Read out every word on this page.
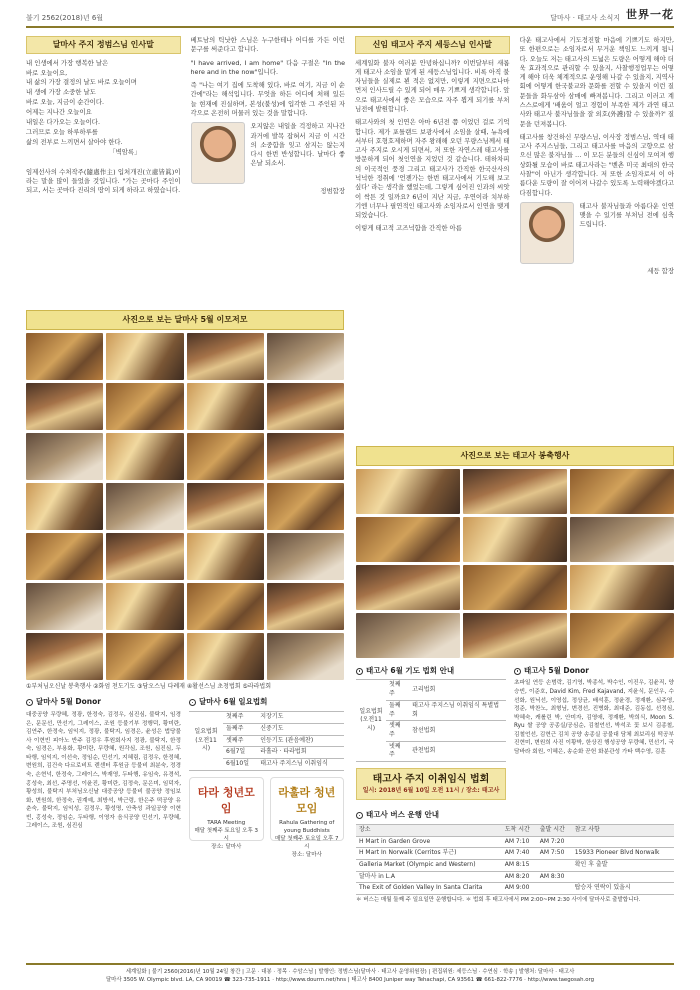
불기 2562(2018)년 6월	달마사 · 태고사 소식지 世界一花
달마사 주지 정범스님 인사말
내 인생에서 가장 행복한 날은
바로 오늘이요,
내 삶의 가장 결정의 날도 바로 오늘이며
내 생에 가장 소중한 날도
바로 오늘, 지금이 순간이다.
어제는 지나간 오늘이요
내일은 다가오는 오늘이다.
그러므로 오늘 하루하루를
삶의 전부로 느끼면서 살아야 한다.
「벽암록」
임제선사의 수처작주(隨處作主) 입처개진(立處皆眞)이라는 말을 많이 들었을 것입니다. "가는 곳마다 주인이 되고, 서는 곳마다 진리의 땅이 되게 하라고 하였습니다.
베트남의 틱낫한 스님은 누구한테나 어디를 가든 이런 문구를 써준다고 합니다.
"I have arrived, I am home" 다음 구절은 "In the here and in the now"입니다.
즉 "나는 여기 집에 도착해 있다, 바로 여기, 지금 이 순간에"라는 해석입니다. 무엇을 하든 어디에 처해 있든 늘 현재에 진실하며, 본성(불성)에 입각한 그 주인된 자각으로 온전히 머물러 있는 것을 말합니다.
오지않은 내일을 걱정하고 지나간 과거에 발목 잡혀서 지금 이 시간의 소중함을 잊고 삼지는 않는지 다시 한번 반성합니다. 날마다 좋은날 되소서.
정범합장
신임 태고사 주지 세등스님 인사말
세계일화 불자 여러분 안녕하십니까? 이번달부터 새롭게 태고사 소임을 맡게 된 세등스님입니다. 비록 아직 불자님들을 실제로 뵌 적은 없지만, 이렇게 지면으로나마 먼저 인사드릴 수 있게 되어 매우 기쁘게 생각합니다. 앞으로 태고사에서 좋은 모습으로 자주 뵙게 되기를 부처님전에 발원합니다.
태고사와의 첫 인연은 아마 6년전 쯤 이었던 걸로 기억합니다. 제가 포틀랜드 보광사에서 소임을 살때, 뉴욕에서부터 호형호제하며 자주 왕래해 오던 무량스님께서 태고사 주지로 오시게 되면서, 저 또한 자연스레 태고사를 방문하게 되어 첫인연을 지었던 것 같습니다. 테하차피의 이국적인 풍경 그리고 태고사가 간직한 한국산사의 넉넉한 정취에 '언젠가는 한번 태고사에서 기도해 보고싶다' 라는 생각을 했었는데, 그렇게 심어진 인과의 씨앗이 싹튼 것 일까요? 6년이 지난 지금, 우연이라 치부하기엔 너무나 필연적인 태고사와 소임자로서 인연을 맺게 되었습니다.
이렇게 태고적 고즈넉함을 간직한 아름
다운 태고사에서 기도정진할 마음에 기쁘기도 하지만, 또 한편으로는 소임자로서 무거운 책임도 느끼게 됩니다. 오늘도 저는 태고사의 드넓은 도량은 어떻게 해야 더욱 효과적으로 관리할 수 있을지, 사찰행정업무는 어떻게 해야 더욱 체계적으로 운영해 나갈 수 있을지, 지역사회에 어떻게 한국불교와 문화를 전할 수 있을지 이런 질문들을 화두삼아 삼매에 빠져봅니다. 그리고 이러고 계스스로에게 '배움이 얼고 경험이 부족한 제가 과연 태고사와 태고사 불자님들을 잘 외호(外護)할 수 있을까?' 질문을 던져봅니다.
태고사를 창건하신 무량스님, 이사장 정범스님, 역대 태고사 주지스님들, 그리고 태고사를 마음의 고향으로 삼으신 많은 불자님들 … 이 모든 분들의 신심이 모여져 행상화될 모습이 바로 태고사라는 "벤촌 미국 최대의 한국사찰"이 아닌가 생각합니다. 저 또한 소임자로서 이 아름다운 도량이 잘 이어져 나갈수 있도록 노력해야겠다고 다짐합니다.
태고사 불자님들과 아름다운 인연 맺을 수 있기를 부처님 전에 심축 드립니다.
세등 합장
사진으로 보는 달마사 5월 이모저모
①부처님오신날 봉축행사 ②화엄 천도기도 ③담오스님 다례재 ④활선스님 초청법회 ⑤라라법회
달마사 5월 Donor
대중공양 무량혜, 정광, 한정숙, 김정우, 심진심, 불탁지, 임경은, 문문선, 만선기, 그레이스, 조원 등불기부 정행덕, 황미란, 김연주, 한정숙, 임익지, 정광, 불탁지, 임경은, 윤성은 법당불사 이현빈 피아노 반주 김정우 후원회사지 정광, 불탁지, 한정숙, 임경은, 부용화, 황미란, 무량혜, 원각심, 조원, 심진심, 두타행, 임익지, 이선숙, 정임순, 민선기, 지혜림, 김정우, 한정혜, 변원희, 김건숙 다르로비트 렌센터 후원금 등불비 최분숙, 정경숙, 손현넉, 한정숙, 그레이스, 박재영, 두타행, 유임숙, 유경석, 홍성숙, 최선, 주명선, 이윤진, 황미란, 김정숙, 문은미, 임덕자, 황성희, 불탁지 부처님오신날 대중공양 등불비 불공양 정임보화, 변원희, 한정숙, 권계예, 최방석, 박근령, 한은주 떡공양 유춘숙, 불탁지, 임익성, 김정우, 황성명, 안축성 과일공양 이현빈, 홍성숙, 정임순, 두타행, 이영자 음식공양 민선기, 무량혜, 그레이스, 조원, 심진심
달마사 6월 일요법회
일요법회 (오전11시)	첫째주	지장기도
	둘째주	신중기도
	셋째주	인등기도 (관음예찬)
	6월7일	라홀라 · 타라법회
	6월10일	태고사 주지스님 이취임식
타라 청년모임
TARA Meeting
매달 첫째주 토요일 오후 3시
장소: 달마사
라훌라 청년모임
Rahula Gathering of young Buddhists
매달 첫째주 토요일 오후 7시
장소: 달마사
사진으로 보는 태고사 봉축행사
태고사 6월 기도 법회 안내
일요법회 (오전11시)	첫째주	고리법회
	둘째주	태고사 주지스님 이취임식 특별법회
	셋째주	참선법회
	넷째주	관천법회
태고사 주지 이취임식 법회
일시: 2018년 6월 10일 오전 11시 / 장소: 태고사
태고사 5월 Donor
초파일 연등 손범락, 김기영, 박종석, 박수인, 이진우, 김윤직, 양승빈, 이준호, David Kim, Fred Kajavand, 지윤식, 문인우, 수선화, 원닉선, 이영섭, 정상균, 배석훈, 정윤경, 정재환, 심주영, 정준, 박찬노, 최형님, 변경선, 진병화, 최대준, 김동섭, 선정심, 박혜숙, 캐롤린 박, 안미자, 김영애, 정재환, 박희식, Moon S. Ryu 쌀 공양 공종실/공심순, 김철언선, 박석조 꽃 보시 김종철, 김철언선, 김현근 김치 공양 송종실 공불대 담체 최보리심 떡공부 진현미, 변원희 사진 이황박, 한상진 행성공양 무량혜, 민선기, 국담바라 회원, 이혜은, 송순화 꾼헌 화분관성 가타 백수영, 김훈
태고사 버스 운행 안내
장소	도착 시간	출발 시간	참고 사항
H Mart in Garden Grove	AM 7:10	AM 7:20	
H Mart In Norwalk (Cerritos 부근)	AM 7:40	AM 7:50	15933 Pioneer Blvd Norwalk
Galleria Market (Olympic and Western)	AM 8:15		확인 후 출발
달마사 in L.A	AM 8:20	AM 8:30	
The Exit of Golden Valley In Santa Clarita	AM 9:00		탑승자 연락이 있을시
＊ 버스는 매월 둘째 주 일요일만 운행합니다. ＊ 법회 후 태고사에서 PM 2:00~PM 2:30 사이에 달마사로 출발합니다.
세계일화 | 불기 2560(2016)년 10월 24일 창간 | 고문 · 대봉 · 정목 · 수암스님 | 발행인: 정범스님(달마사 · 태고사 운영위원장) | 편집위원: 세등스님 · 수연심 · 학송 | 발행처: 달마사 · 태고사
달마사 3505 W. Olympic blvd. LA, CA 90019 ☎ 323-735-1911 · http://www.dourm.net/hns | 태고사 8400 Juniper way Tehachapi, CA 93561 ☎ 661-822-7776 · http://www.taegosah.org
